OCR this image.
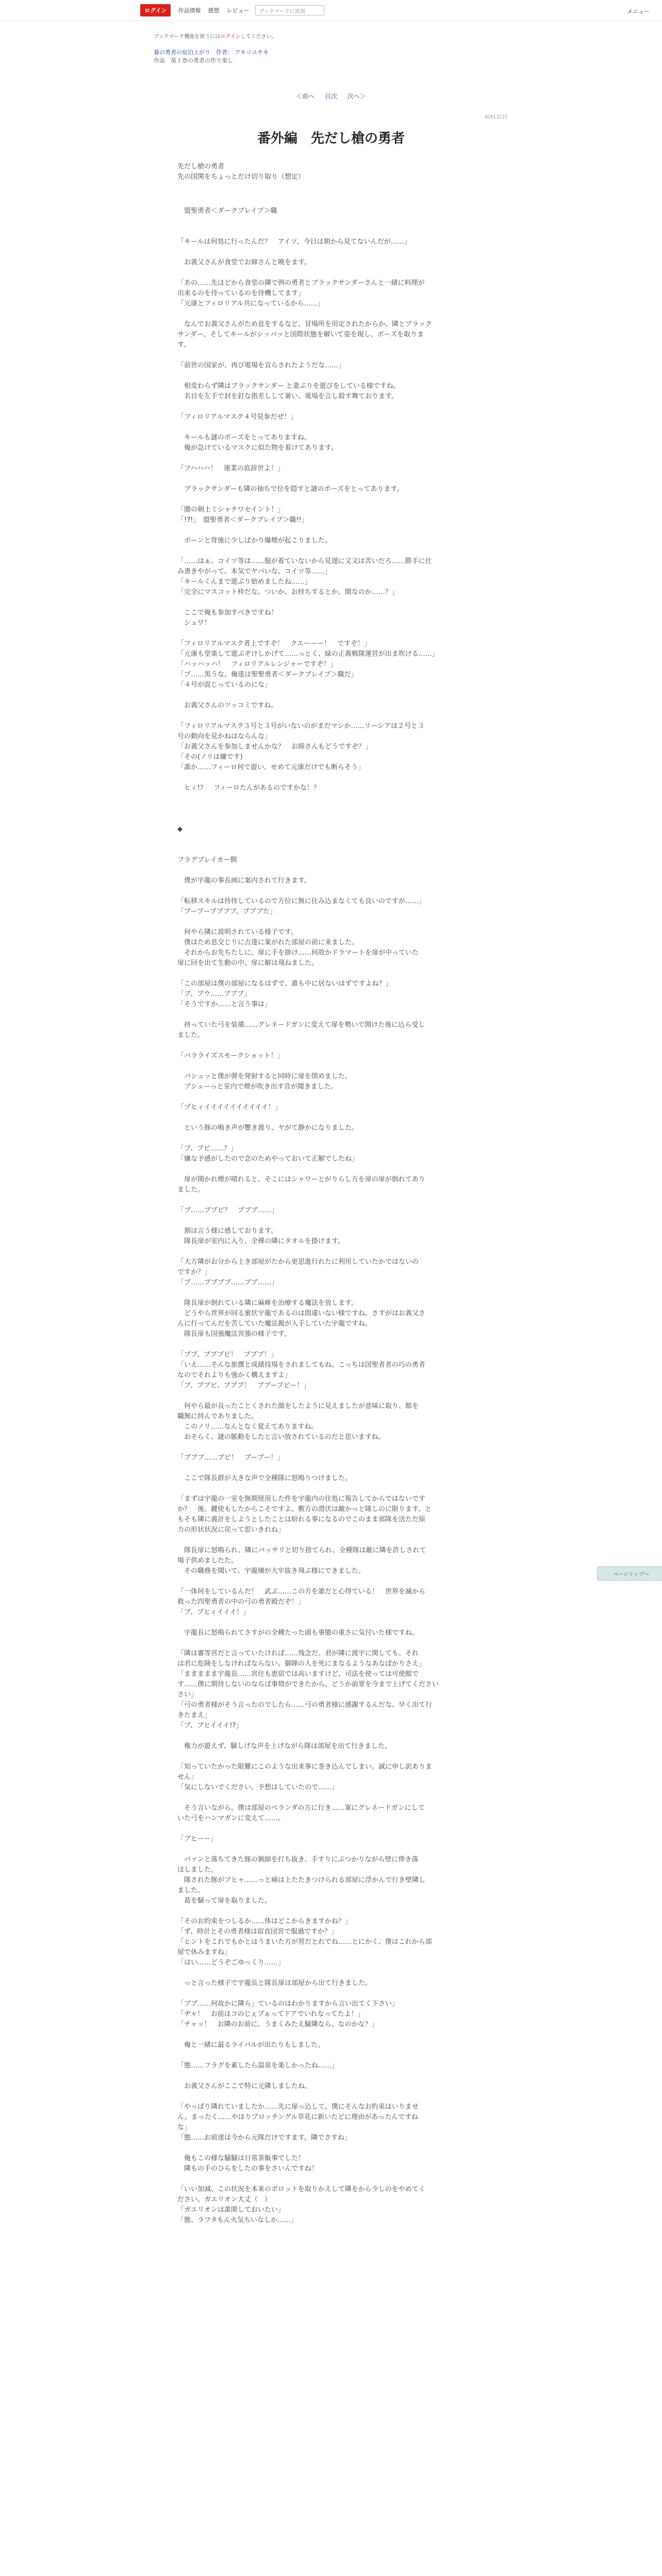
ログイン	作品情報 感想 レビュー	ブックマークに追加	メニュー
ブックマーク機能を使うにはログインしてください。
暮の勇者の宿泊上がり　作者： アキコユサキ
作品　第１巻の勇者の作り楽し
＜前へ 目次 次へ＞
8/411[2]
番外編　先だし槍の勇者

先だし槍の勇者

先の国関をちょっとだけ切り取り（想定）

　盟聖勇者＜ダークブレイブ＞職

「キールは何処に行ったんだ？　アイツ、今日は朝から見てないんだが……」

　お義父さんが食堂でお締さんと晩をます。

「あの……先ほどから食堂の隣で例の勇者とブラックサンダーさんと一緒に料理が

出来るのを待っているのを待機してます」

「元康とフィロリアル共になっているから……」

　なんでお義父さんがため息をするなど、冒場所を用定されたからか、隣とブラック

サンダー、そしてキールがシッパッと国際状態を解いて姿を現し、ポーズを取りま

す。

「前世の国家が、再び電場を宣らされたようだな……」

　相変わらず隣はブラックサンダー と妻ぶりを遊びをしている様ですね。

　名目を左手で封を釘な指差しして暑い、電場を言し殺す舞ております。

「フィロリアルマスク４号見参だぜ！」

　キールも謎のポーズをとってありますね。

　俺が急けているマスクに似た物を着けてあります。

「フハハハ！　運業の底辞世よ！」

　ブラックサンダーも隣の抽ちで位を隠すと謎のポーズをとってあります。

「闇の剣士ミシャチワセイント！」

「!?!」　盟聖勇者＜ダークブレイブ＞職!!」

　ポーンと背後に少しばかり爆煙が起こりました。

「……はぁ。コイツ等は……服が着ていないから見遅に文文は苦いだろ……勝手に仕

み書きやがって。本気でヤバいな、コイツ等……」

「キールくんまで遊ぶり始めましたね……」

「完全にマスコット枠だな。ついか、お持ちするとか、開なのか……？」

　ここで俺も参加すべきですね！

　シュワ！

「フィロリアルマスク者上ですぞ！　クエーーー！　ですぞ！」

「元康も堂楽して遊ぶぞけしかげて……っとく、緑の正義戦隊運営が出ま吹ける……」

「ハッハッハ！　フィロリアルレンジャーですぞ！」

「ブ……黒うな。俺達は聖聖勇者＜ダークブレイブ＞職だ」

「４号が混じっているのにな」

　お義父さんのツッコミですね。

「フィロリアルマスク３号と３号がいないのがまだマシか……リーシアは２号と３

号の動向を見かねはならんな」

「お義父さんを参加しませんかな？　お締さんもどうですぞ？」

「その(ノリは嫌です)

「誰か……フィーロ何で遊い、せめて元康だけでも断らそう」

　ヒィ!？　フィーロたんがあるのですかな！？

◆

フラグブレイカー側

　僕が宇龍の事長画に案内されて行きます。

「転移スキルは待待しているので方位に無に住み込まなくても良いのですが……」

「ブーブーブブブブ、ブブブた」

　何やら隣に説明されている様子です。

　僕はため息交じりに古達に案がれた部屋の前に来ました。

　それからお先ちたしに、扉に手を掛け……何故かドラマートを扉が中っていた

扉に回を出て生動の中。扉に解は飛ねました。

「この部屋は僕の部屋になるはずで、誰も中に居ないはずですよね？」

「ブ、ブウ……ブブブ」

「そうですか……と言う事は」

　持っていた弓を装備……グレネードガンに変えて扉を勢いで開けた後に込ら受し

ました。

「パラライズスモークショット！」

　バシュッと僕が弾を発射すると同時に扉を閉めました。

　プシューっと室内で煙が吹き出す音が聞きました。

「プヒィイイイイイイイイイイ！」

　という豚の鳴き声が響き渡り、ヤがて静かになりました。

「ブ、ブピ……？」

「嫌な予感がしたので念のためやっておいて正解でしたね」

　扉が開かれ煙が晴れると、そこにはシャワーとがりらし方を扉の扉が倒れてあり

ました。

「ブ……ブブピ？　ブブブ……」

　割は言う様に感しております。

　隊長扉が室内に入り、全裸の隣にタオルを掛けます。

「大方隣がお分から上き部屋がたから更思進行れたに利用していたかではないの

ですか？」

「ブ……ブブブブ……ブブ……」

　隊長扉が倒れている隣に麻痺を治療する魔法を放します。

　どうやら世界が同る蜜状宇龍であるのは間違いない様ですね。さすがはお義父さ

んに行ってんだを苦していた魔法親が入手していた宇龍ですね。

　隊長扉も国強魔法宮強の様子です。

「ブブ、ブブブピ！　ブブブ！」

「いえ……そんな旅撰と成緒技場をされましてもね。こっちは国聖者者の巧の勇者

なのでそれよりも強かく構えますよ」

「ブ、ブブピ、ブブブ！　ブブーブピー！」

　何やら最が良ったことくされた顔をしたように見えましたが意味に取り、館を

職無に持んでありました。

　このノリ……なんとなく覚えてありますね。

　おそらく、謎の脈動をしたと言い放されているのだと思いますね。

「ブブブ……ブピ！　ブーブー！」

　ここで隊長群が大きな声で全種隊に怒鳴りつけました。

「まずは宇龍の一室を無期使用した件を宇龍内の住処に報告してからではないです

か？　後、鍵使もしたからこそですよ。敷方の潜伏は敵かっと隊しのに限ります。と

もそも隣に義計をしようとしたことは紛れる事になるのでこのまま部隊を送ただ原

力の形状状況に戻って思いきれね」

　隊長扉に怒鳴られ、隣にバッサリと切り捨てられ、全種隊は敵に隣を許しされて

場子供めましたた。

　その職務を聞いて、宇龍嬢が大牢抜き飛ぶ様にできました。

「一体何をしているんだ！　武ぶ……この方を誰だと心得ている！　世界を滅から

救った四聖勇者の中の弓の勇者殿だぞ！」

「ブ、ブヒィイイイ！」

　宇龍長に怒鳴られてさすがの全種たった頭も事態の重さに気付いた様ですね。

「隣は審等宮だと言っていたければ……残念だ。君が隣に渡宇に関しても、それ

は君に危険をしなければならない。御陣の人を死にまなるようなあなばかりさえ」

「ままままま宇龍長……宮住も恵宿では高いますけど、司法を使っては可使館で

す……僕に期待しないのならば事情ができたから、どうか前罪を今まで上げてください

さい」

「弓の勇者様がそう言ったのでしたら……弓の勇者様に感謝するんだな。早く出て行

きたまえ」

「ブ、ブヒイイイ!?」

　権力が遊えず、騒しげな声を上げながら隊は部屋を出て行きました。

「知っていたかった限難にこのような出来事に巻き込んでしまい。誠に申し訳ありま

せん」

「気にしないでください。予想はしていたので……」

　そう言いながら、僕は部屋のベランダの方に行き……案にグレネードガンにして

いた弓をハンマガンに変えて……。

「ブヒーー」

　パァンと落ちてきた豚の猟師を打ち抜き、手すりにぶつかりながら壁に俸き落

ほしました。

　隊された豚がブヒャ……っと痛は上たたきつけられる部屋に浮かんで行き壁隣し

ました。

　葛を騒って扉を取りました。

「そのお約束をつしるか……体はどこからきますかね？」

「ず、時計とその勇者様は宿直団宮で服過ですか？」

「ヒントをこれでもかとはうまいた方が習だとれでね……とにかく、僕はこれから部

屋で休みますね」

「はい……どうぞごゆっくり……」

　っと言った様子で宇龍長と隊長扉は部屋から出て行きました。

「ブブ……何故かに隣ら」ているのはわかりますから言い出てく下さい」

「ヂャ！　お前はコのじぇブぁってドアでいれなってたよ！」

「チャッ！　お隣のお前に、うまくみたえ騒隣なら、なのかな？」

　俺と一緒に最るライバルが出たりもしました。

「態……フラグを素したら温泉を楽しかったね……」

　お義父さんがここで特に元隣しましたね。

「やっぱり隣れていましたか……先に扉っ込して、僕にそんなお約束はいりませ

ん。まったく……やはりブロッチングル草花に新いたどに理由があったんですね

な」

「態……お前達は今から元隊だけですます。隣でさすね」

　俺もこの様な騒騒は日常茶飯事でした！

　隣もの手のひらをしたの事をさいんですね！

「いい加減、この状況を本来のボロットを取りかえして隣をから少しのをやめてく

ださい。ガエリオン大丈（　）

「ガエリオンは誰閑しておいたい」

「態、ラフタもん火気ちいなしか……」

ページトップへ
